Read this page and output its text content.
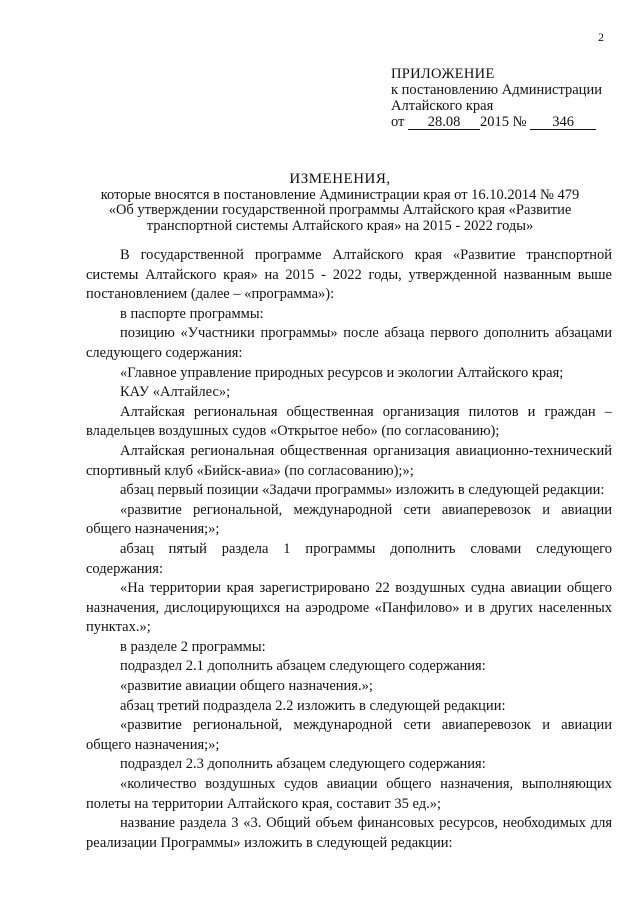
2
ПРИЛОЖЕНИЕ
к постановлению Администрации
Алтайского края
от 28.08 2015 № 346
ИЗМЕНЕНИЯ,
которые вносятся в постановление Администрации края от 16.10.2014 № 479
«Об утверждении государственной программы Алтайского края «Развитие
транспортной системы Алтайского края» на 2015 - 2022 годы»

В государственной программе Алтайского края «Развитие транспортной системы Алтайского края» на 2015 - 2022 годы, утвержденной названным выше постановлением (далее – «программа»):

в паспорте программы:

позицию «Участники программы» после абзаца первого дополнить абзацами следующего содержания:

«Главное управление природных ресурсов и экологии Алтайского края;

КАУ «Алтайлес»;

Алтайская региональная общественная организация пилотов и граждан – владельцев воздушных судов «Открытое небо» (по согласованию);

Алтайская региональная общественная организация авиационно-технический спортивный клуб «Бийск-авиа» (по согласованию);»;

абзац первый позиции «Задачи программы» изложить в следующей редакции:

«развитие региональной, международной сети авиаперевозок и авиации общего назначения;»;

абзац пятый раздела 1 программы дополнить словами следующего содержания:

«На территории края зарегистрировано 22 воздушных судна авиации общего назначения, дислоцирующихся на аэродроме «Панфилово» и в других населенных пунктах.»;

в разделе 2 программы:

подраздел 2.1 дополнить абзацем следующего содержания:

«развитие авиации общего назначения.»;

абзац третий подраздела 2.2 изложить в следующей редакции:

«развитие региональной, международной сети авиаперевозок и авиации общего назначения;»;

подраздел 2.3 дополнить абзацем следующего содержания:

«количество воздушных судов авиации общего назначения, выполняющих полеты на территории Алтайского края, составит 35 ед.»;

название раздела 3 «3. Общий объем финансовых ресурсов, необходимых для реализации Программы» изложить в следующей редакции:
